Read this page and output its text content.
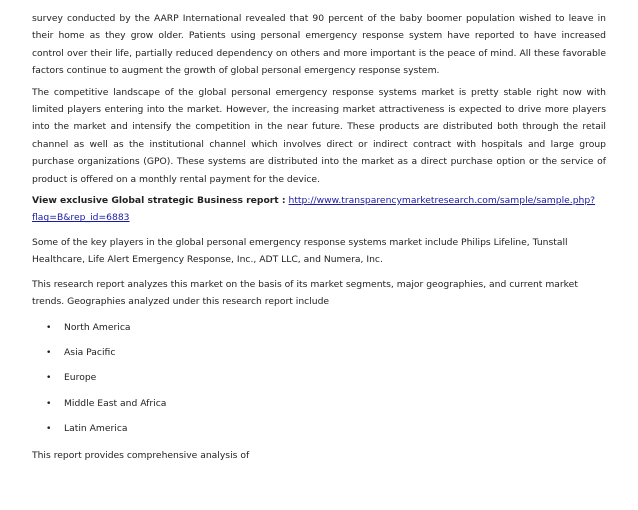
survey conducted by the AARP International revealed that 90 percent of the baby boomer population wished to leave in their home as they grow older. Patients using personal emergency response system have reported to have increased control over their life, partially reduced dependency on others and more important is the peace of mind. All these favorable factors continue to augment the growth of global personal emergency response system.

The competitive landscape of the global personal emergency response systems market is pretty stable right now with limited players entering into the market. However, the increasing market attractiveness is expected to drive more players into the market and intensify the competition in the near future. These products are distributed both through the retail channel as well as the institutional channel which involves direct or indirect contract with hospitals and large group purchase organizations (GPO). These systems are distributed into the market as a direct purchase option or the service of product is offered on a monthly rental payment for the device.

View exclusive Global strategic Business report : http://www.transparencymarketresearch.com/sample/sample.php?
flag=B&rep_id=6883

Some of the key players in the global personal emergency response systems market include Philips Lifeline, Tunstall Healthcare, Life Alert Emergency Response, Inc., ADT LLC, and Numera, Inc.

This research report analyzes this market on the basis of its market segments, major geographies, and current market trends. Geographies analyzed under this research report include

• North America
• Asia Pacific
• Europe
• Middle East and Africa
• Latin America

This report provides comprehensive analysis of
